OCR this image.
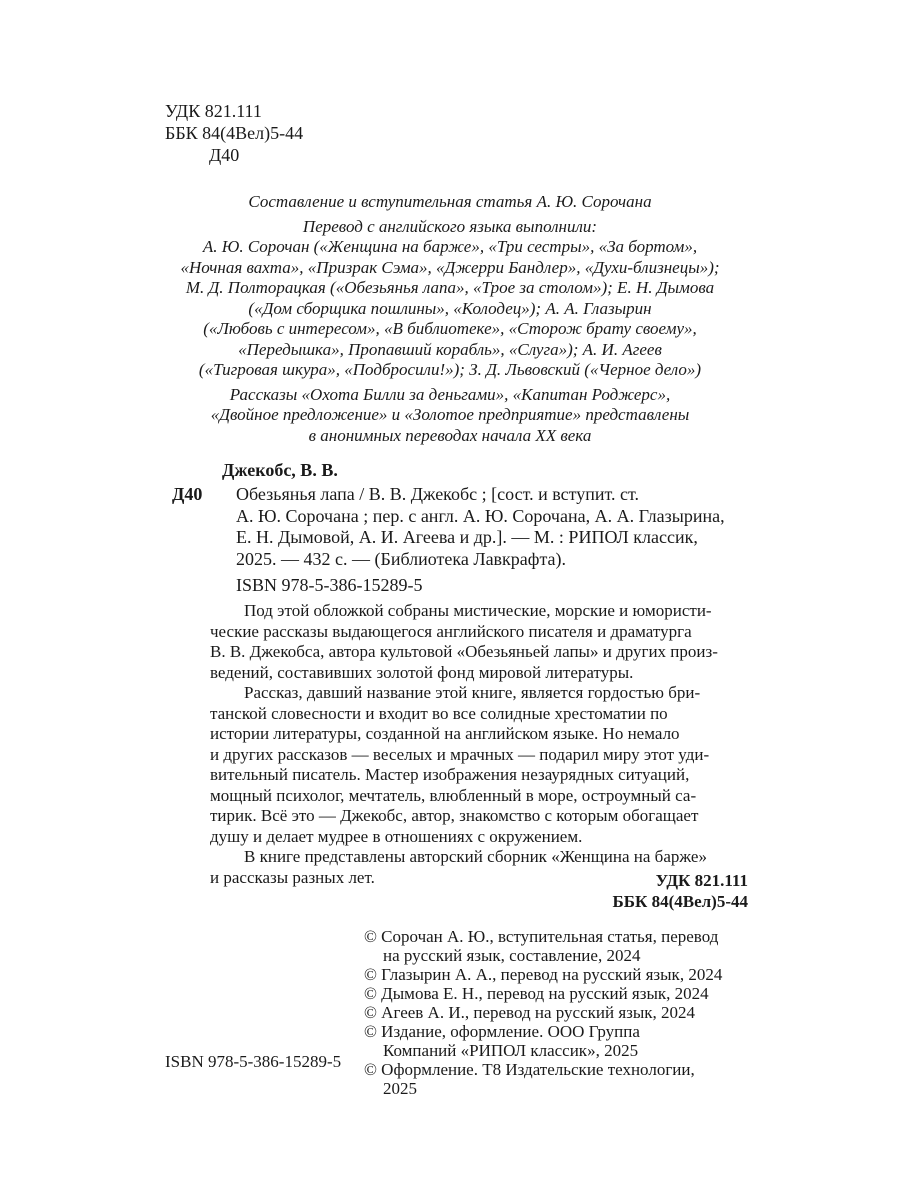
УДК 821.111
ББК 84(4Вел)5-44
Д40
Составление и вступительная статья А. Ю. Сорочана
Перевод с английского языка выполнили:
А. Ю. Сорочан («Женщина на барже», «Три сестры», «За бортом»,
«Ночная вахта», «Призрак Сэма», «Джерри Бандлер», «Духи-близнецы»);
М. Д. Полторацкая («Обезьянья лапа», «Трое за столом»); Е. Н. Дымова
(«Дом сборщика пошлины», «Колодец»); А. А. Глазырин
(«Любовь с интересом», «В библиотеке», «Сторож брату своему»,
«Передышка», Пропавший корабль», «Слуга»); А. И. Агеев
(«Тигровая шкура», «Подбросили!»); З. Д. Львовский («Черное дело»)
Рассказы «Охота Билли за деньгами», «Капитан Роджерс»,
«Двойное предложение» и «Золотое предприятие» представлены
в анонимных переводах начала XX века
Джекобс, В. В.
Д40 Обезьянья лапа / В. В. Джекобс ; [сост. и вступит. ст.
А. Ю. Сорочана ; пер. с англ. А. Ю. Сорочана, А. А. Глазырина,
Е. Н. Дымовой, А. И. Агеева и др.]. — М. : РИПОЛ классик,
2025. — 432 с. — (Библиотека Лавкрафта).
ISBN 978-5-386-15289-5
Под этой обложкой собраны мистические, морские и юмористи-
ческие рассказы выдающегося английского писателя и драматурга
В. В. Джекобса, автора культовой «Обезьяньей лапы» и других произ-
ведений, составивших золотой фонд мировой литературы.
Рассказ, давший название этой книге, является гордостью бри-
танской словесности и входит во все солидные хрестоматии по
истории литературы, созданной на английском языке. Но немало
и других рассказов — веселых и мрачных — подарил миру этот уди-
вительный писатель. Мастер изображения незаурядных ситуаций,
мощный психолог, мечтатель, влюбленный в море, остроумный са-
тирик. Всё это — Джекобс, автор, знакомство с которым обогащает
душу и делает мудрее в отношениях с окружением.
В книге представлены авторский сборник «Женщина на барже»
и рассказы разных лет.	УДК 821.111
ББК 84(4Вел)5-44
© Сорочан А. Ю., вступительная статья, перевод
на русский язык, составление, 2024
© Глазырин А. А., перевод на русский язык, 2024
© Дымова Е. Н., перевод на русский язык, 2024
© Агеев А. И., перевод на русский язык, 2024
© Издание, оформление. ООО Группа
Компаний «РИПОЛ классик», 2025
© Оформление. Т8 Издательские технологии,
2025
ISBN 978-5-386-15289-5
